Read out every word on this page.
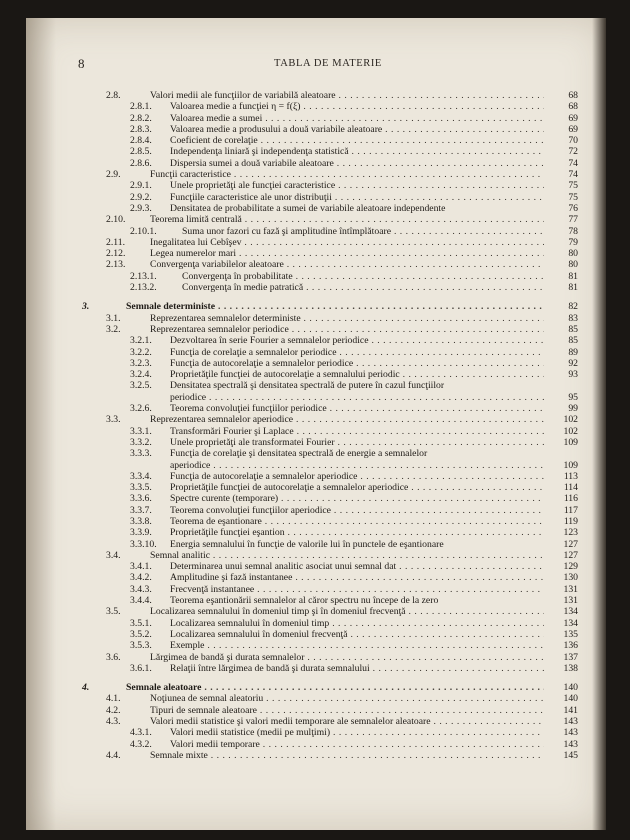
8	TABLA DE MATERIE
2.8.	Valori medii ale funcţiilor de variabilă aleatoare . . .	68
2.8.1. Valoarea medie a funcţiei η = f(ξ) . . .	68
2.8.2. Valoarea medie a sumei . . .	69
2.8.3. Valoarea medie a produsului a două variabile aleatoare . . .	69
2.8.4. Coeficient de corelaţie . . .	70
2.8.5. Independenţa liniară şi independenţa statistică . . .	72
2.8.6. Dispersia sumei a două variabile aleatoare . . .	74
2.9.	Funcţii caracteristice . . .	74
2.9.1. Unele proprietăţi ale funcţiei caracteristice . . .	75
2.9.2. Funcţiile caracteristice ale unor distribuţii . . .	75
2.9.3. Densitatea de probabilitate a sumei de variabile aleatoare independente	76
2.10.	Teorema limită centrală . . .	77
2.10.1.	Suma unor fazori cu fază şi amplitudine întîmplătoare . . .	78
2.11.	Inegalitatea lui Cebîşev . . .	79
2.12.	Legea numerelor mari . . .	80
2.13.	Convergenţa variabilelor aleatoare . . .	80
2.13.1.	Convergenţa în probabilitate . . .	81
2.13.2.	Convergenţa în medie patratică . . .	81
3.	Semnale deterministe . . .	82
3.1.	Reprezentarea semnalelor deterministe . . .	83
3.2.	Reprezentarea semnalelor periodice . . .	85
3.2.1. Dezvoltarea în serie Fourier a semnalelor periodice . . .	85
3.2.2. Funcţia de corelaţie a semnalelor periodice . . .	89
3.2.3. Funcţia de autocorelaţie a semnalelor periodice . . .	92
3.2.4. Proprietăţile funcţiei de autocorelaţie a semnalului periodic . . .	93
3.2.5. Densitatea spectrală şi densitatea spectrală de putere în cazul funcţiilor
periodice . . .	95
3.2.6. Teorema convoluţiei funcţiilor periodice . . .	99
3.3.	Reprezentarea semnalelor aperiodice . . .	102
3.3.1. Transformări Fourier şi Laplace . . .	102
3.3.2. Unele proprietăţi ale transformatei Fourier . . .	109
3.3.3. Funcţia de corelaţie şi densitatea spectrală de energie a semnalelor
aperiodice . . .	109
3.3.4. Funcţia de autocorelaţie a semnalelor aperiodice . . .	113
3.3.5. Proprietăţile funcţiei de autocorelaţie a semnalelor aperiodice . . .	114
3.3.6. Spectre curente (temporare) . . .	116
3.3.7. Teorema convoluţiei funcţiilor aperiodice . . .	117
3.3.8. Teorema de eşantionare . . .	119
3.3.9. Proprietăţile funcţiei eşantion . . .	123
3.3.10. Energia semnalului în funcţie de valorile lui în punctele de eşantionare	127
3.4.	Semnal analitic . . .	127
3.4.1. Determinarea unui semnal analitic asociat unui semnal dat . . .	129
3.4.2. Amplitudine şi fază instantanee . . .	130
3.4.3. Frecvenţă instantanee . . .	131
3.4.4. Teorema eşantionării semnalelor al căror spectru nu începe de la zero	131
3.5.	Localizarea semnalului în domeniul timp şi în domeniul frecvenţă . . .	134
3.5.1. Localizarea semnalului în domeniul timp . . .	134
3.5.2. Localizarea semnalului în domeniul frecvenţă . . .	135
3.5.3. Exemple . . .	136
3.6.	Lărgimea de bandă şi durata semnalelor . . .	137
3.6.1. Relaţii între lărgimea de bandă şi durata semnalului . . .	138
4.	Semnale aleatoare . . .	140
4.1.	Noţiunea de semnal aleatoriu . . .	140
4.2.	Tipuri de semnale aleatoare . . .	141
4.3.	Valori medii statistice şi valori medii temporare ale semnalelor aleatoare . . .	143
4.3.1. Valori medii statistice (medii pe mulţimi) . . .	143
4.3.2. Valori medii temporare . . .	143
4.4.	Semnale mixte . . .	145
